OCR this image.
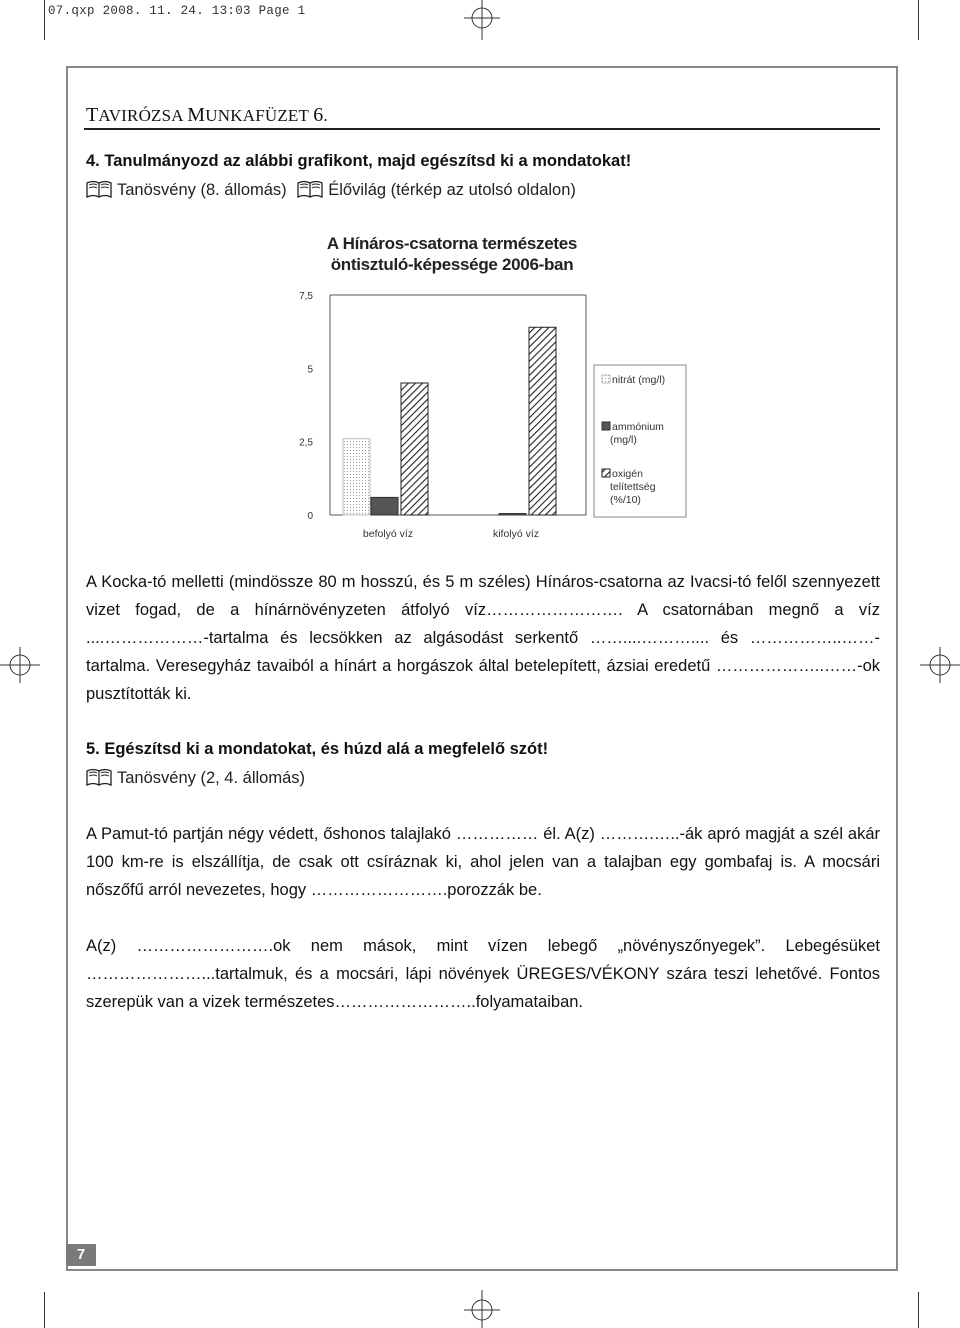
07.qxp 2008. 11. 24. 13:03 Page 1
TAVIRÓZSA MUNKAFÜZET 6.
4. Tanulmányozd az alábbi grafikont, majd egészítsd ki a mondatokat!
Tanösvény (8. állomás)	Élővilág (térkép az utolsó oldalon)
A Hínáros-csatorna természetes öntisztuló-képessége 2006-ban
0
2,5
5
7,5
befolyó víz	kifolyó víz
nitrát (mg/l)
ammónium (mg/l)
oxigén telítettség (%/10)
A Kocka-tó melletti (mindössze 80 m hosszú, és 5 m széles) Hínáros-csatorna az Ivacsi-tó felől szennyezett vizet fogad, de a hínárnövényzeten átfolyó víz……………………. A csatornában megnő a víz ....………………-tartalma és lecsökken az algásodást serkentő ……....……….... és ……………..……-tartalma. Veresegyház tavaiból a hínárt a horgászok által betelepített, ázsiai eredetű ………………..……-ok pusztították ki.
5. Egészítsd ki a mondatokat, és húzd alá a megfelelő szót!
Tanösvény (2, 4. állomás)
A Pamut-tó partján négy védett, őshonos talajlakó …………… él. A(z) ……….…..-ák apró magját a szél akár 100 km-re is elszállítja, de csak ott csíráznak ki, ahol jelen van a talajban egy gombafaj is. A mocsári nőszőfű arról nevezetes, hogy …………………….porozzák be.
A(z) …………………….ok nem mások, mint vízen lebegő „növényszőnyegek”. Lebegésüket …………………...tartalmuk, és a mocsári, lápi növények ÜREGES/VÉKONY szára teszi lehetővé. Fontos szerepük van a vizek természetes……………………..folyamataiban.
7
